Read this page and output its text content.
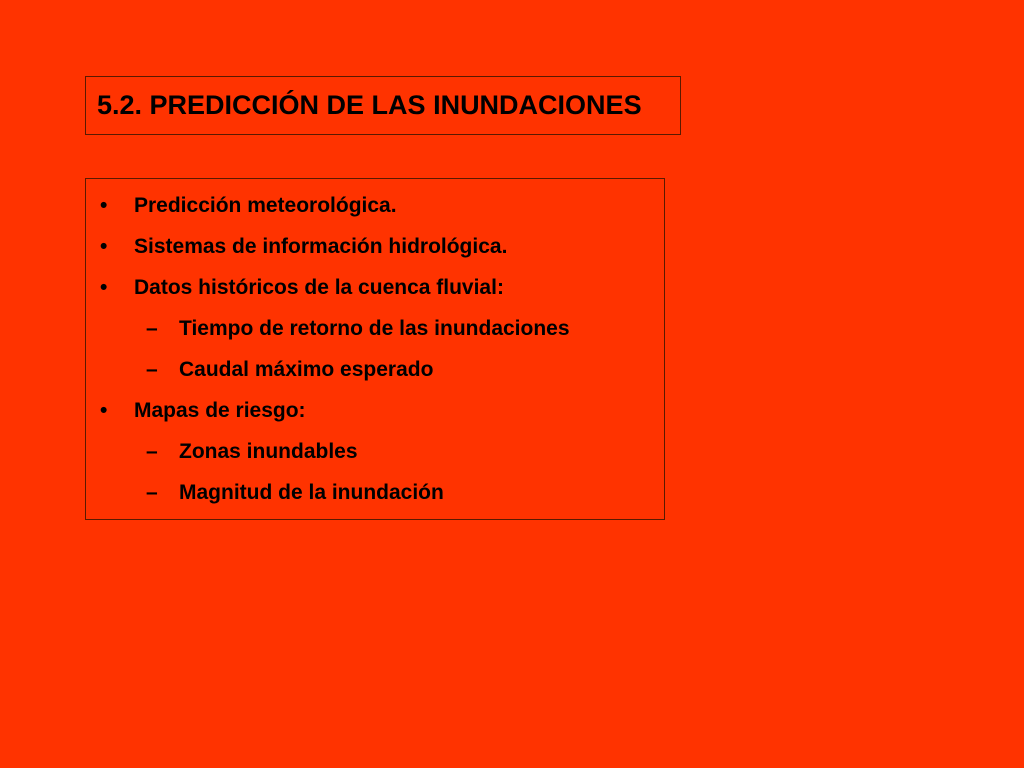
5.2. PREDICCIÓN DE LAS INUNDACIONES
• Predicción meteorológica.
• Sistemas de información hidrológica.
• Datos históricos de la cuenca fluvial:
– Tiempo de retorno de las inundaciones
– Caudal máximo esperado
• Mapas de riesgo:
– Zonas inundables
– Magnitud de la inundación
